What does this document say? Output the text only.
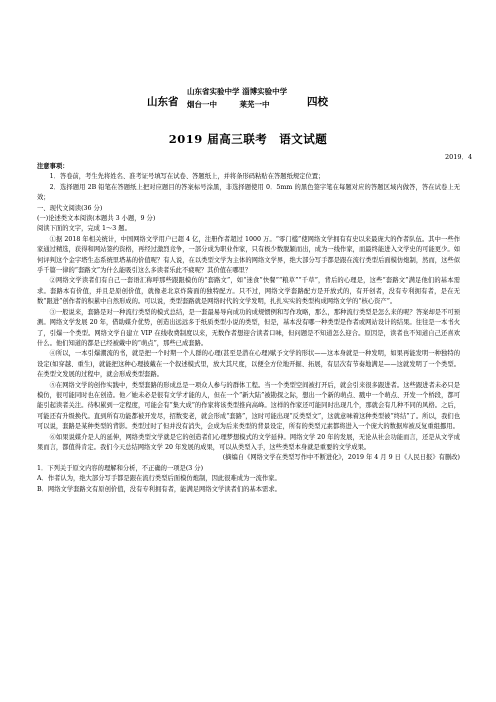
山东省
山东省实验中学 淄博实验中学
烟台一中　　　莱芜一中	四校
2019 届高三联考　语文试题
2019．4

注意事项：

1．答卷前，考生先将姓名、准考证号填写在试卷、答题纸上，并将条形码粘贴在答题纸规定位置；

2．选择题用 2B 铅笔在答题纸上把对应题目的答案标号涂黑，非选择题使用 0．5mm 的黑色签字笔在每题对应的答题区域内做答，答在试卷上无效；

一、现代文阅读(36 分)

(一)论述类文本阅读(本题共 3 小题，9 分)

阅读下面的文字，完成 1～3 题。

①据 2018 年相关统计，中国网络文学用户已超 4 亿，注册作者超过 1000 万。“零门槛”使网络文学拥有有史以来最庞大的作者队伍。其中一些作家通过精选，获得和网站签约资格，再经过激烈竞争，一部分成为职业作家，只有极少数脱颖而出，成为一线作家，而最终能进入文学史的可能更少。如何评判这个金字塔生态系统里塔基的价值呢？有人说，在以类型文学为主体的网络文学界，绝大部分写手都是跟在流行类型后面模仿炮制，然而，这些似乎千篇一律的“套路文”为什么能吸引这么多读者乐此不疲呢？其价值在哪里？

②网络文学读者们有自己一套语汇称呼那些跟跟模仿的“套路文”，如“迷食”快餐”“粮草”“千草”，背后的心理是，这些“套路文”满足他们的基本需求。套路本有价值，并且是原创价值，就像老北京炸酱面的独特配方。只不过，网络文学套路配方是开放式的，有开创者，没有专利拥有者，是在无数“跟进”创作者的积累中自然形成的。可以说，类型套路就是网络时代的文学发明，扎扎实实的类型构成网络文学的“核心资产”。

③一般说来，套路是对一种流行类型的模式总结，是一套最易导向成功的成规惯例和写作攻略，那么，那种流行类型是怎么来的呢？答案却是不可预测。网络文学发展 20 年，借助媒介优势，创造出远远多于纸质类型小说的类型，但是，基本没有哪一种类型是作者或网站设计的结果。往往是一本书火了，引爆一个类型。网络文学自建立 VIP 在线收费制度以来，无数作者想迎合读者口味，但问题是不知道怎么迎合。原因是，读者也不知道自己还喜欢什么。他们知道的都是已经被戴中的“萌点”，那些已成套路。

④所以，一本引爆潮流的书，就是把一个时期一个人群的心理(甚至是潜在心理)赋予文学的形状——这本身就是一种发明，如果再能发明一种独特的设定(如穿越、重生)，就能把这种心理披戴在一个叙述模式里，放大其尺度，以便全方位地开掘、拓展，有层次有节奏地满足——这就发明了一个类型。在类型文发展的过程中，就会形成类型套路。

⑤在网络文学的创作实践中，类型套路的形成总是一项众人参与的群体工程。当一个类型空间被打开后，就会引来很多跟进者。这些跟进者未必只是模仿，很可能同时也在创造。他／她未必是很有文学才能的人，但在一个“新大陆”被勘探之际，想出一个新的萌点、戳中一个萌点、开发一个桥段，都可能引起读者关注。待积累到一定程度，可能会有“集大成”的作家将该类型推向高峰。这样的作家还可能同时出现几个，那就会有几种不同的风格。之后，可能还有升级换代。直到所有功能都被开发尽，招数变老，就会形成“套路”，这时可能出现“反类型文”，这就意味着这种类型被“终结”了。所以，我们也可以说，套路是某种类型的背影。类型过时了但并没有消失，会成为后来类型的背景设定，所有的类型元素都将进入一个庞大的数据库被反复重组挪用。

⑥如果说媒介是人的延伸，网络类型文学就是它的创造者们心理梦想模式的文学延伸。网络文学 20 年的发展，无论从社会功能而言，还是从文学成果而言，都值得肯定。我们今天总结网络文学 20 年发展的成果，可以从类型入手，这些类型本身就是重要的文学成果。

(摘编自《网络文学在类型写作中不断进化》，2019 年 4 月 9 日《人民日报》有删改)

1．下列关于原文内容的理解和分析，不正确的一项是(3 分)

A．作者认为，绝大部分写手都是跟在流行类型后面模仿炮制，因此很难成为一流作家。

B．网络文学套路文有原创价值，没有专利拥有者，能满足网络文学读者们的基本需求。
